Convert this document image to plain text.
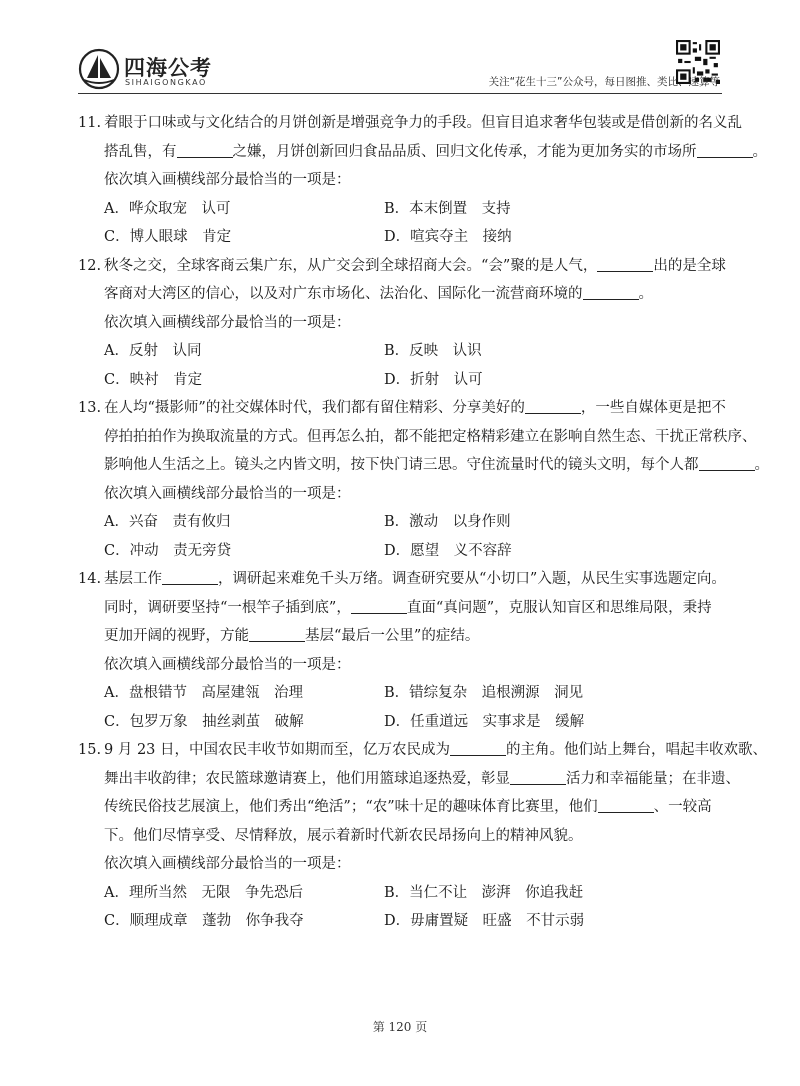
四海公考
SIHAIGONGKAO	关注“花生十三”公众号，每日图推、类比、速算等
11. 着眼于口味或与文化结合的月饼创新是增强竞争力的手段。但盲目追求奢华包装或是借创新的名义乱
搭乱售，有	之嫌，月饼创新回归食品品质、回归文化传承，才能为更加务实的市场所	。
依次填入画横线部分最恰当的一项是：
A．哗众取宠　认可	B．本末倒置　支持
C．博人眼球　肯定	D．喧宾夺主　接纳
12. 秋冬之交，全球客商云集广东，从广交会到全球招商大会。“会”聚的是人气，	出的是全球
客商对大湾区的信心，以及对广东市场化、法治化、国际化一流营商环境的	。
依次填入画横线部分最恰当的一项是：
A．反射　认同	B．反映　认识
C．映衬　肯定	D．折射　认可
13. 在人均“摄影师”的社交媒体时代，我们都有留住精彩、分享美好的	，一些自媒体更是把不
停拍拍拍作为换取流量的方式。但再怎么拍，都不能把定格精彩建立在影响自然生态、干扰正常秩序、
影响他人生活之上。镜头之内皆文明，按下快门请三思。守住流量时代的镜头文明，每个人都	。
依次填入画横线部分最恰当的一项是：
A．兴奋　责有攸归	B．激动　以身作则
C．冲动　责无旁贷	D．愿望　义不容辞
14. 基层工作	，调研起来难免千头万绪。调查研究要从“小切口”入题，从民生实事选题定向。
同时，调研要坚持“一根竿子插到底”，	直面“真问题”，克服认知盲区和思维局限，秉持
更加开阔的视野，方能	基层“最后一公里”的症结。
依次填入画横线部分最恰当的一项是：
A．盘根错节　高屋建瓴　治理	B．错综复杂　追根溯源　洞见
C．包罗万象　抽丝剥茧　破解	D．任重道远　实事求是　缓解
15. 9 月 23 日，中国农民丰收节如期而至，亿万农民成为	的主角。他们站上舞台，唱起丰收欢歌、
舞出丰收韵律；农民篮球邀请赛上，他们用篮球追逐热爱，彰显	活力和幸福能量；在非遗、
传统民俗技艺展演上，他们秀出“绝活”；“农”味十足的趣味体育比赛里，他们	、一较高
下。他们尽情享受、尽情释放，展示着新时代新农民昂扬向上的精神风貌。
依次填入画横线部分最恰当的一项是：
A．理所当然　无限　争先恐后	B．当仁不让　澎湃　你追我赶
C．顺理成章　蓬勃　你争我夺	D．毋庸置疑　旺盛　不甘示弱
第 120 页
